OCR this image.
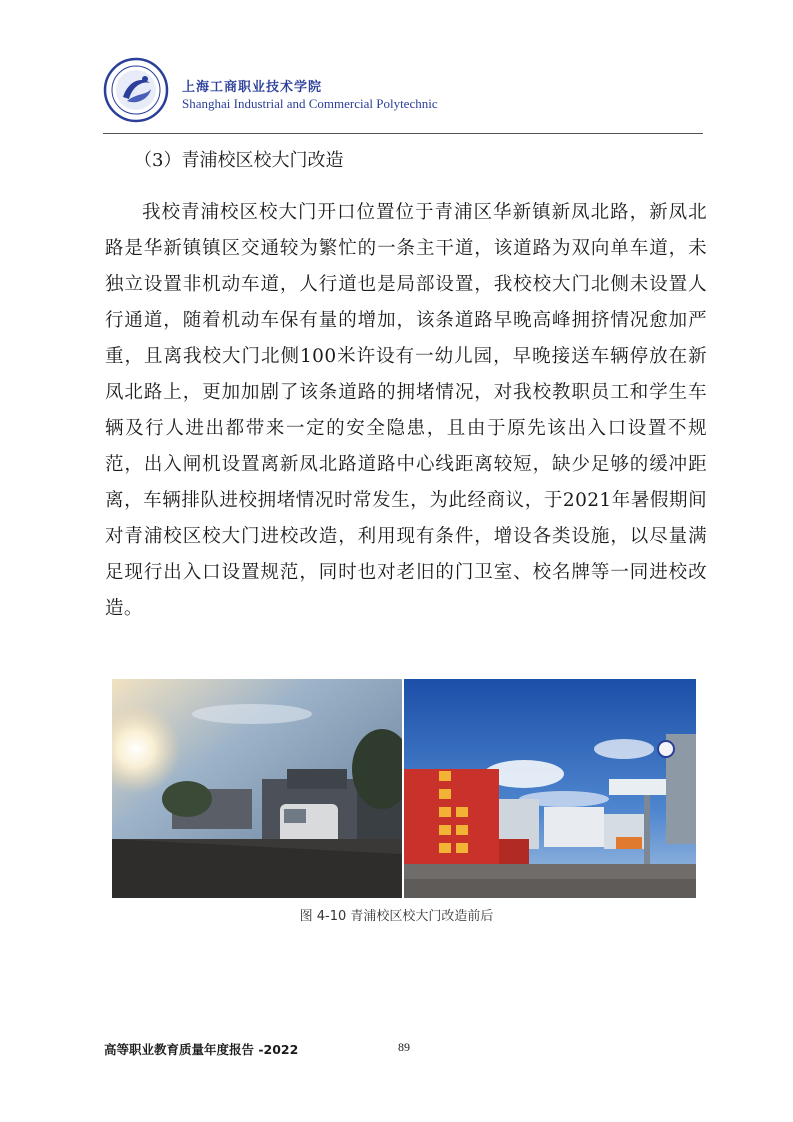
上海工商职业技术学院
Shanghai Industrial and Commercial Polytechnic
（3）青浦校区校大门改造

我校青浦校区校大门开口位置位于青浦区华新镇新凤北路，新凤北路是华新镇镇区交通较为繁忙的一条主干道，该道路为双向单车道，未独立设置非机动车道，人行道也是局部设置，我校校大门北侧未设置人行通道，随着机动车保有量的增加，该条道路早晚高峰拥挤情况愈加严重，且离我校大门北侧100米许设有一幼儿园，早晚接送车辆停放在新凤北路上，更加加剧了该条道路的拥堵情况，对我校教职员工和学生车辆及行人进出都带来一定的安全隐患，且由于原先该出入口设置不规范，出入闸机设置离新凤北路道路中心线距离较短，缺少足够的缓冲距离，车辆排队进校拥堵情况时常发生，为此经商议，于2021年暑假期间对青浦校区校大门进校改造，利用现有条件，增设各类设施，以尽量满足现行出入口设置规范，同时也对老旧的门卫室、校名牌等一同进校改造。

图 4-10 青浦校区校大门改造前后
高等职业教育质量年度报告 -2022	89
